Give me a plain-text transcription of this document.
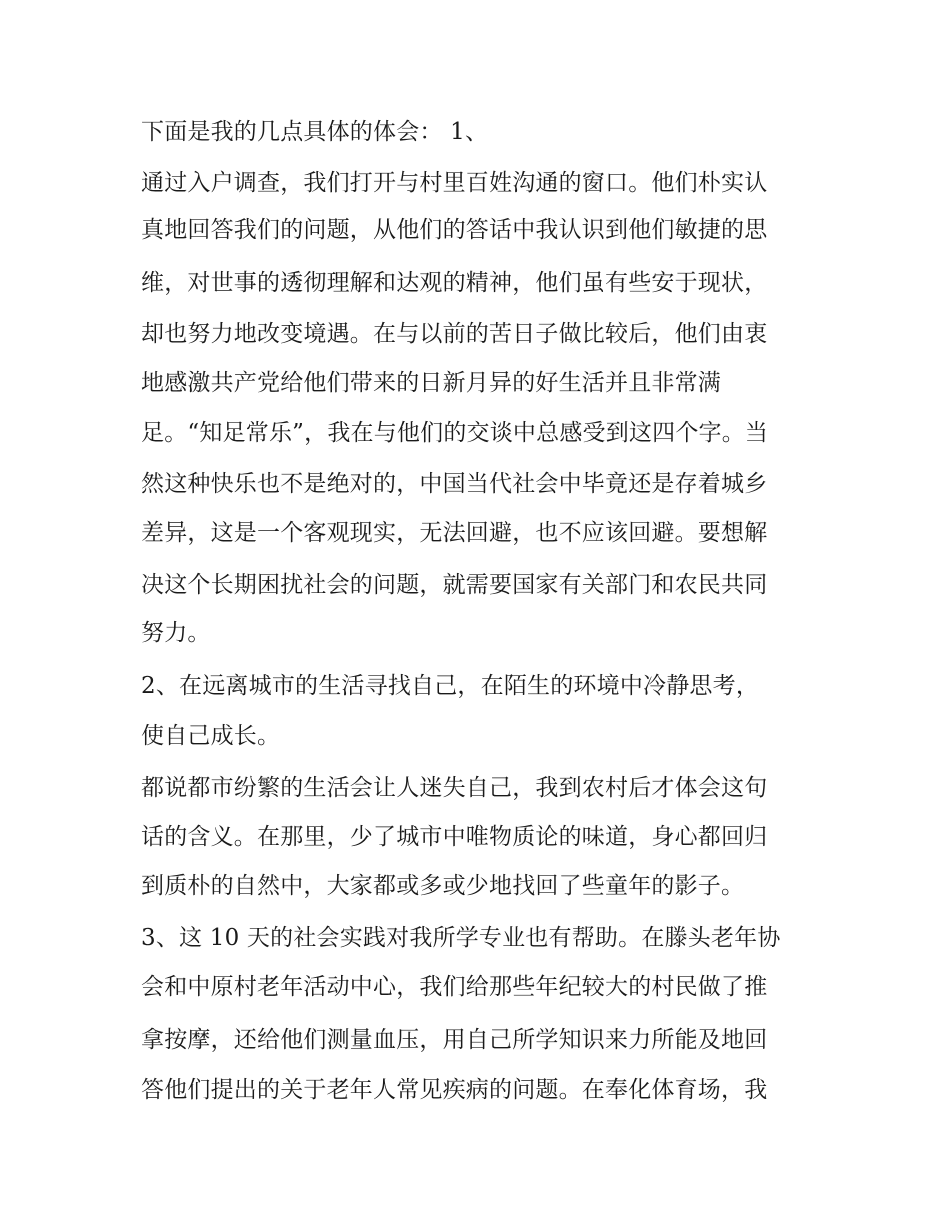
下面是我的几点具体的体会： 1、
通过入户调查，我们打开与村里百姓沟通的窗口。他们朴实认
真地回答我们的问题，从他们的答话中我认识到他们敏捷的思
维，对世事的透彻理解和达观的精神，他们虽有些安于现状，
却也努力地改变境遇。在与以前的苦日子做比较后，他们由衷
地感激共产党给他们带来的日新月异的好生活并且非常满
足。“知足常乐”，我在与他们的交谈中总感受到这四个字。当
然这种快乐也不是绝对的，中国当代社会中毕竟还是存着城乡
差异，这是一个客观现实，无法回避，也不应该回避。要想解
决这个长期困扰社会的问题，就需要国家有关部门和农民共同
努力。
2、在远离城市的生活寻找自己，在陌生的环境中冷静思考，
使自己成长。
都说都市纷繁的生活会让人迷失自己，我到农村后才体会这句
话的含义。在那里，少了城市中唯物质论的味道，身心都回归
到质朴的自然中，大家都或多或少地找回了些童年的影子。
3、这 10 天的社会实践对我所学专业也有帮助。在滕头老年协
会和中原村老年活动中心，我们给那些年纪较大的村民做了推
拿按摩，还给他们测量血压，用自己所学知识来力所能及地回
答他们提出的关于老年人常见疾病的问题。在奉化体育场，我
